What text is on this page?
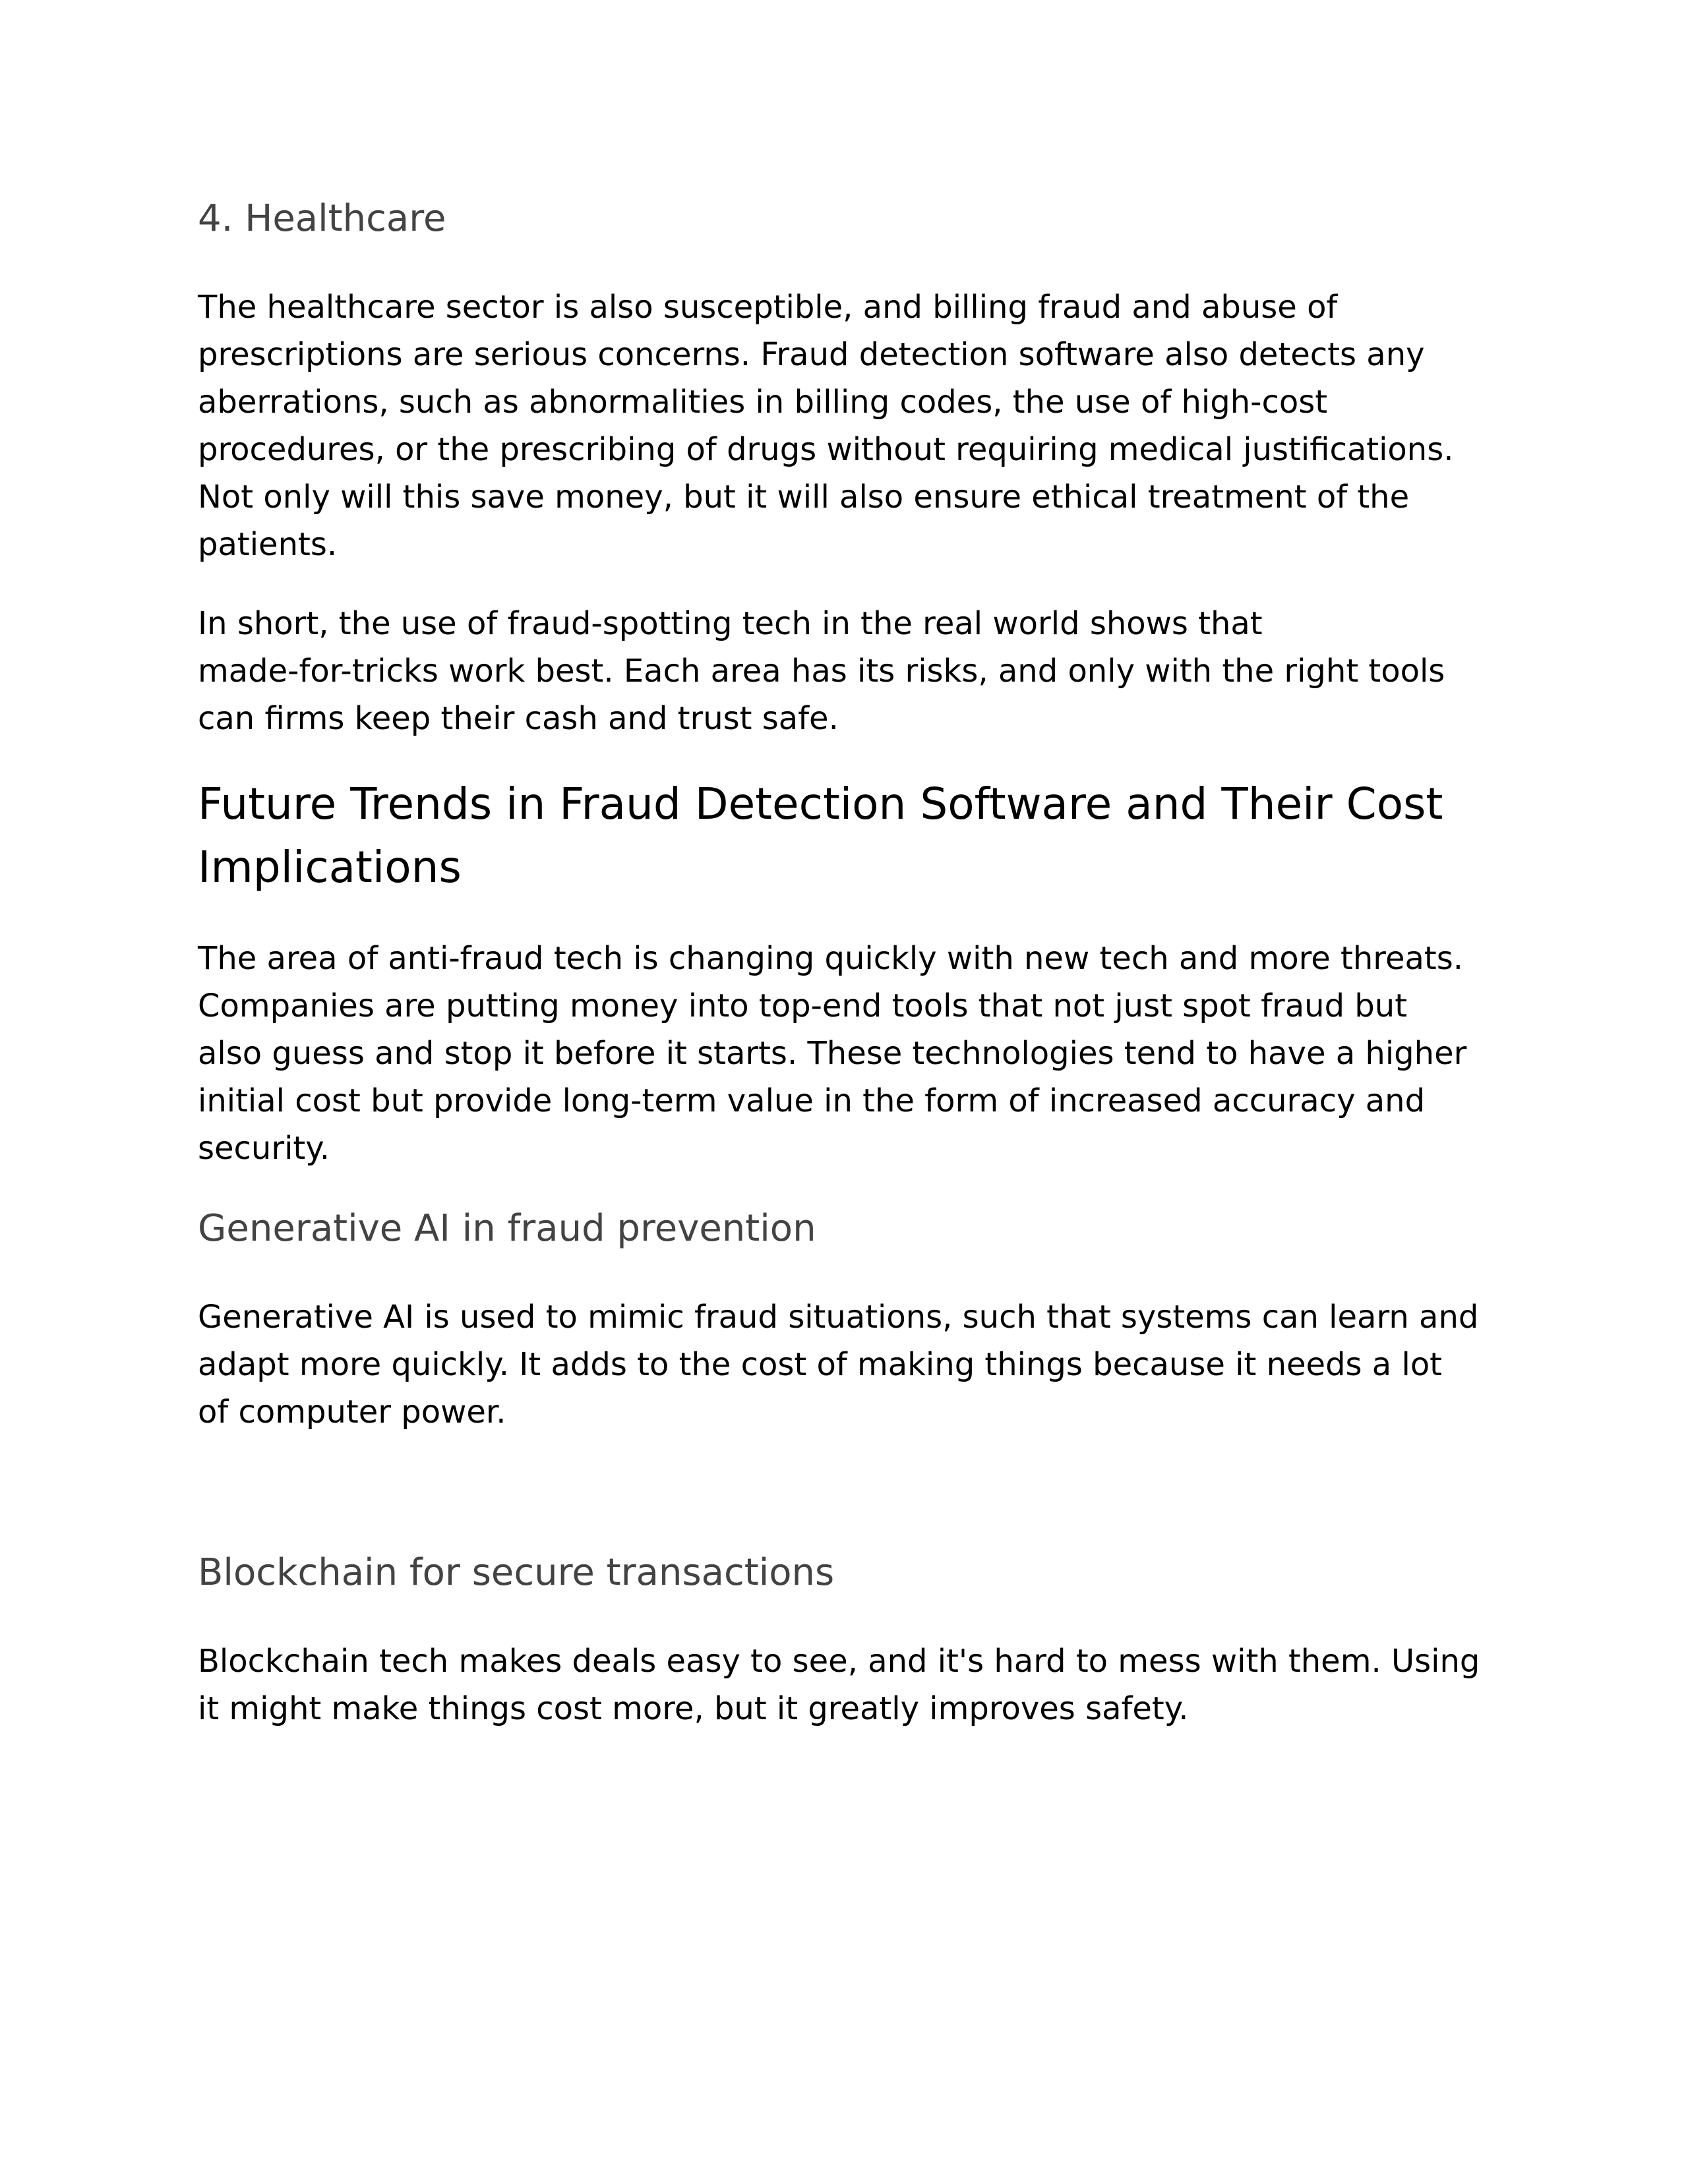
4. Healthcare

The healthcare sector is also susceptible, and billing fraud and abuse of
prescriptions are serious concerns. Fraud detection software also detects any
aberrations, such as abnormalities in billing codes, the use of high-cost
procedures, or the prescribing of drugs without requiring medical justifications.
Not only will this save money, but it will also ensure ethical treatment of the
patients.

In short, the use of fraud-spotting tech in the real world shows that
made-for-tricks work best. Each area has its risks, and only with the right tools
can firms keep their cash and trust safe.

Future Trends in Fraud Detection Software and Their Cost
Implications

The area of anti-fraud tech is changing quickly with new tech and more threats.
Companies are putting money into top-end tools that not just spot fraud but
also guess and stop it before it starts. These technologies tend to have a higher
initial cost but provide long-term value in the form of increased accuracy and
security.

Generative AI in fraud prevention

Generative AI is used to mimic fraud situations, such that systems can learn and
adapt more quickly. It adds to the cost of making things because it needs a lot
of computer power.

Blockchain for secure transactions

Blockchain tech makes deals easy to see, and it's hard to mess with them. Using
it might make things cost more, but it greatly improves safety.
